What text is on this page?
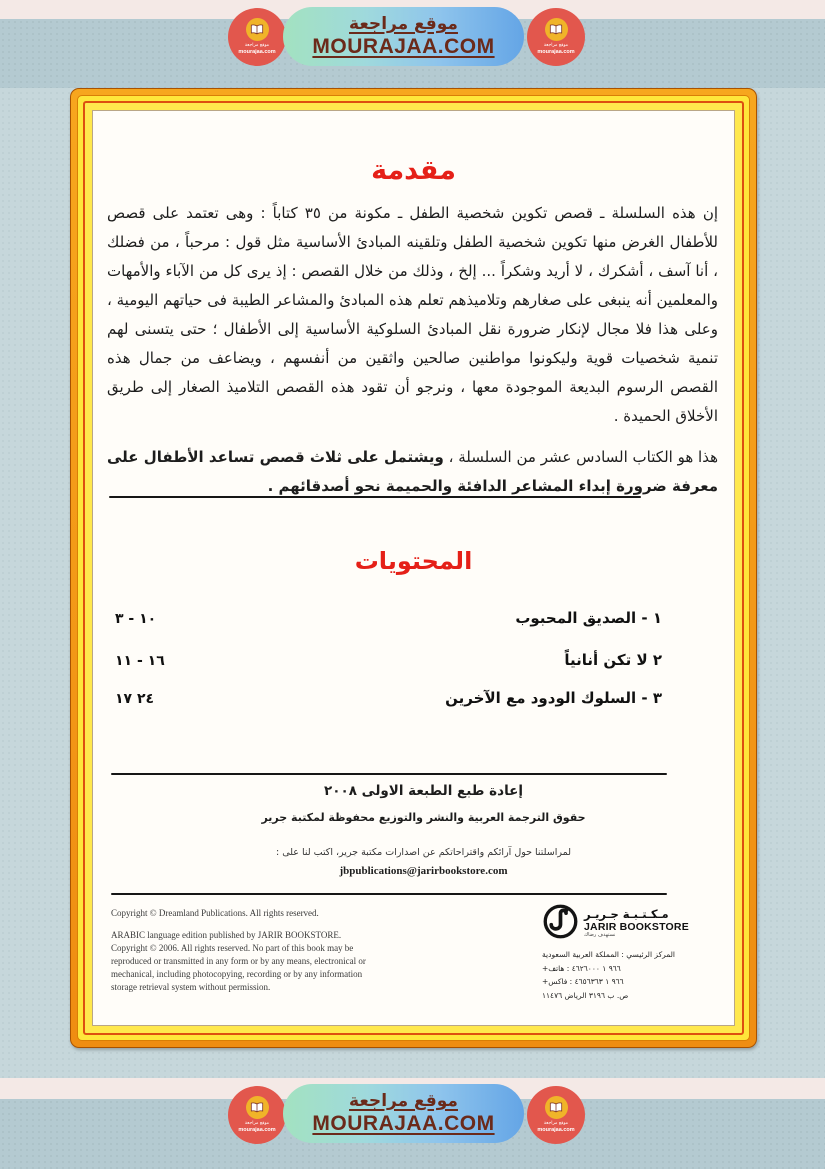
موقع مراجعة
mourajaa.com
موقع مراجعة
MOURAJAA.COM	موقع مراجعة
mourajaa.com
مقدمة

إن هذه السلسلة ـ قصص تكوين شخصية الطفل ـ مكونة من ٣٥ كتاباً : وهى تعتمد على قصص للأطفال الغرض منها تكوين شخصية الطفل وتلقينه المبادئ الأساسية مثل قول : مرحباً ، من فضلك ، أنا آسف ، أشكرك ، لا أريد وشكراً ... إلخ ، وذلك من خلال القصص : إذ يرى كل من الآباء والأمهات والمعلمين أنه ينبغى على صغارهم وتلاميذهم تعلم هذه المبادئ والمشاعر الطيبة فى حياتهم اليومية ، وعلى هذا فلا مجال لإنكار ضرورة نقل المبادئ السلوكية الأساسية إلى الأطفال ؛ حتى يتسنى لهم تنمية شخصيات قوية وليكونوا مواطنين صالحين واثقين من أنفسهم ، ويضاعف من جمال هذه القصص الرسوم البديعة الموجودة معها ، ونرجو أن تقود هذه القصص التلاميذ الصغار إلى طريق الأخلاق الحميدة .

هذا هو الكتاب السادس عشر من السلسلة ، ويشتمل على ثلاث قصص تساعد الأطفال على معرفة ضرورة إبداء المشاعر الدافئة والحميمة نحو أصدقائهم .

المحتويات
١٠ - ٣	١ - الصديق المحبوب
١٦ - ١١	٢ لا تكن أنانياً
٢٤ ١٧	٣ - السلوك الودود مع الآخرين
إعادة طبع الطبعة الاولى ٢٠٠٨
حقوق الترجمة العربية والنشر والتوزيع محفوظة لمكتبة جرير
لمراسلتنا حول آرائكم واقتراحاتكم عن اصدارات مكتبة جرير، اكتب لنا على :
jbpublications@jarirbookstore.com

Copyright © Dreamland Publications. All rights reserved.

ARABIC language edition published by JARIR BOOKSTORE. Copyright © 2006. All rights reserved. No part of this book may be reproduced or transmitted in any form or by any means, electronical or mechanical, including photocopying, recording or by any information storage retrieval system without permission.

مـكـتـبـة جـريـر
JARIR BOOKSTORE
نستهدف رضاك
المركز الرئيسي : المملكة العربية السعودية
+٩٦٦ ١ ٤٦٢٦٠٠٠ : هاتف
+٩٦٦ ١ ٤٦٥٦٣٦٣ : فاكس
ص. ب ٣١٩٦ الرياض ١١٤٧٦
موقع مراجعة
mourajaa.com
موقع مراجعة
MOURAJAA.COM	موقع مراجعة
mourajaa.com
